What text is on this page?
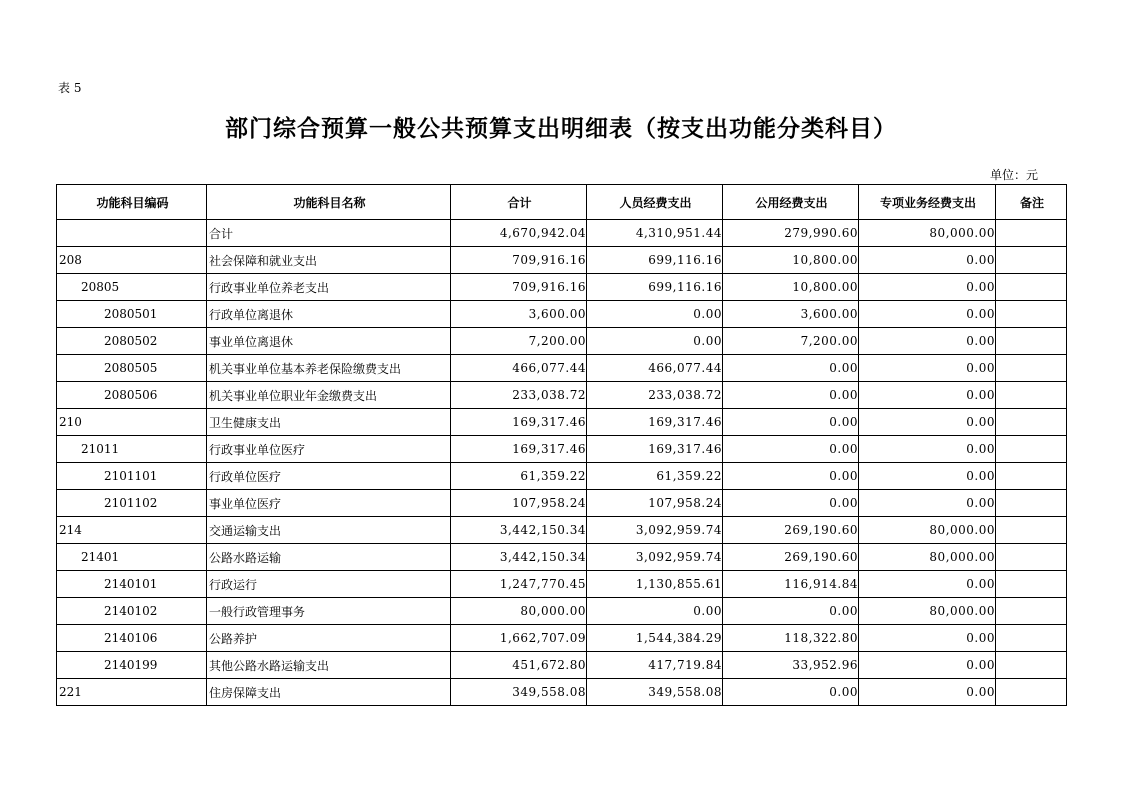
表 5
部门综合预算一般公共预算支出明细表（按支出功能分类科目）
单位：元
功能科目编码	功能科目名称	合计	人员经费支出	公用经费支出	专项业务经费支出	备注
	合计	4,670,942.04	4,310,951.44	279,990.60	80,000.00	
208	社会保障和就业支出	709,916.16	699,116.16	10,800.00	0.00	
20805	行政事业单位养老支出	709,916.16	699,116.16	10,800.00	0.00	
2080501	行政单位离退休	3,600.00	0.00	3,600.00	0.00	
2080502	事业单位离退休	7,200.00	0.00	7,200.00	0.00	
2080505	机关事业单位基本养老保险缴费支出	466,077.44	466,077.44	0.00	0.00	
2080506	机关事业单位职业年金缴费支出	233,038.72	233,038.72	0.00	0.00	
210	卫生健康支出	169,317.46	169,317.46	0.00	0.00	
21011	行政事业单位医疗	169,317.46	169,317.46	0.00	0.00	
2101101	行政单位医疗	61,359.22	61,359.22	0.00	0.00	
2101102	事业单位医疗	107,958.24	107,958.24	0.00	0.00	
214	交通运输支出	3,442,150.34	3,092,959.74	269,190.60	80,000.00	
21401	公路水路运输	3,442,150.34	3,092,959.74	269,190.60	80,000.00	
2140101	行政运行	1,247,770.45	1,130,855.61	116,914.84	0.00	
2140102	一般行政管理事务	80,000.00	0.00	0.00	80,000.00	
2140106	公路养护	1,662,707.09	1,544,384.29	118,322.80	0.00	
2140199	其他公路水路运输支出	451,672.80	417,719.84	33,952.96	0.00	
221	住房保障支出	349,558.08	349,558.08	0.00	0.00	
